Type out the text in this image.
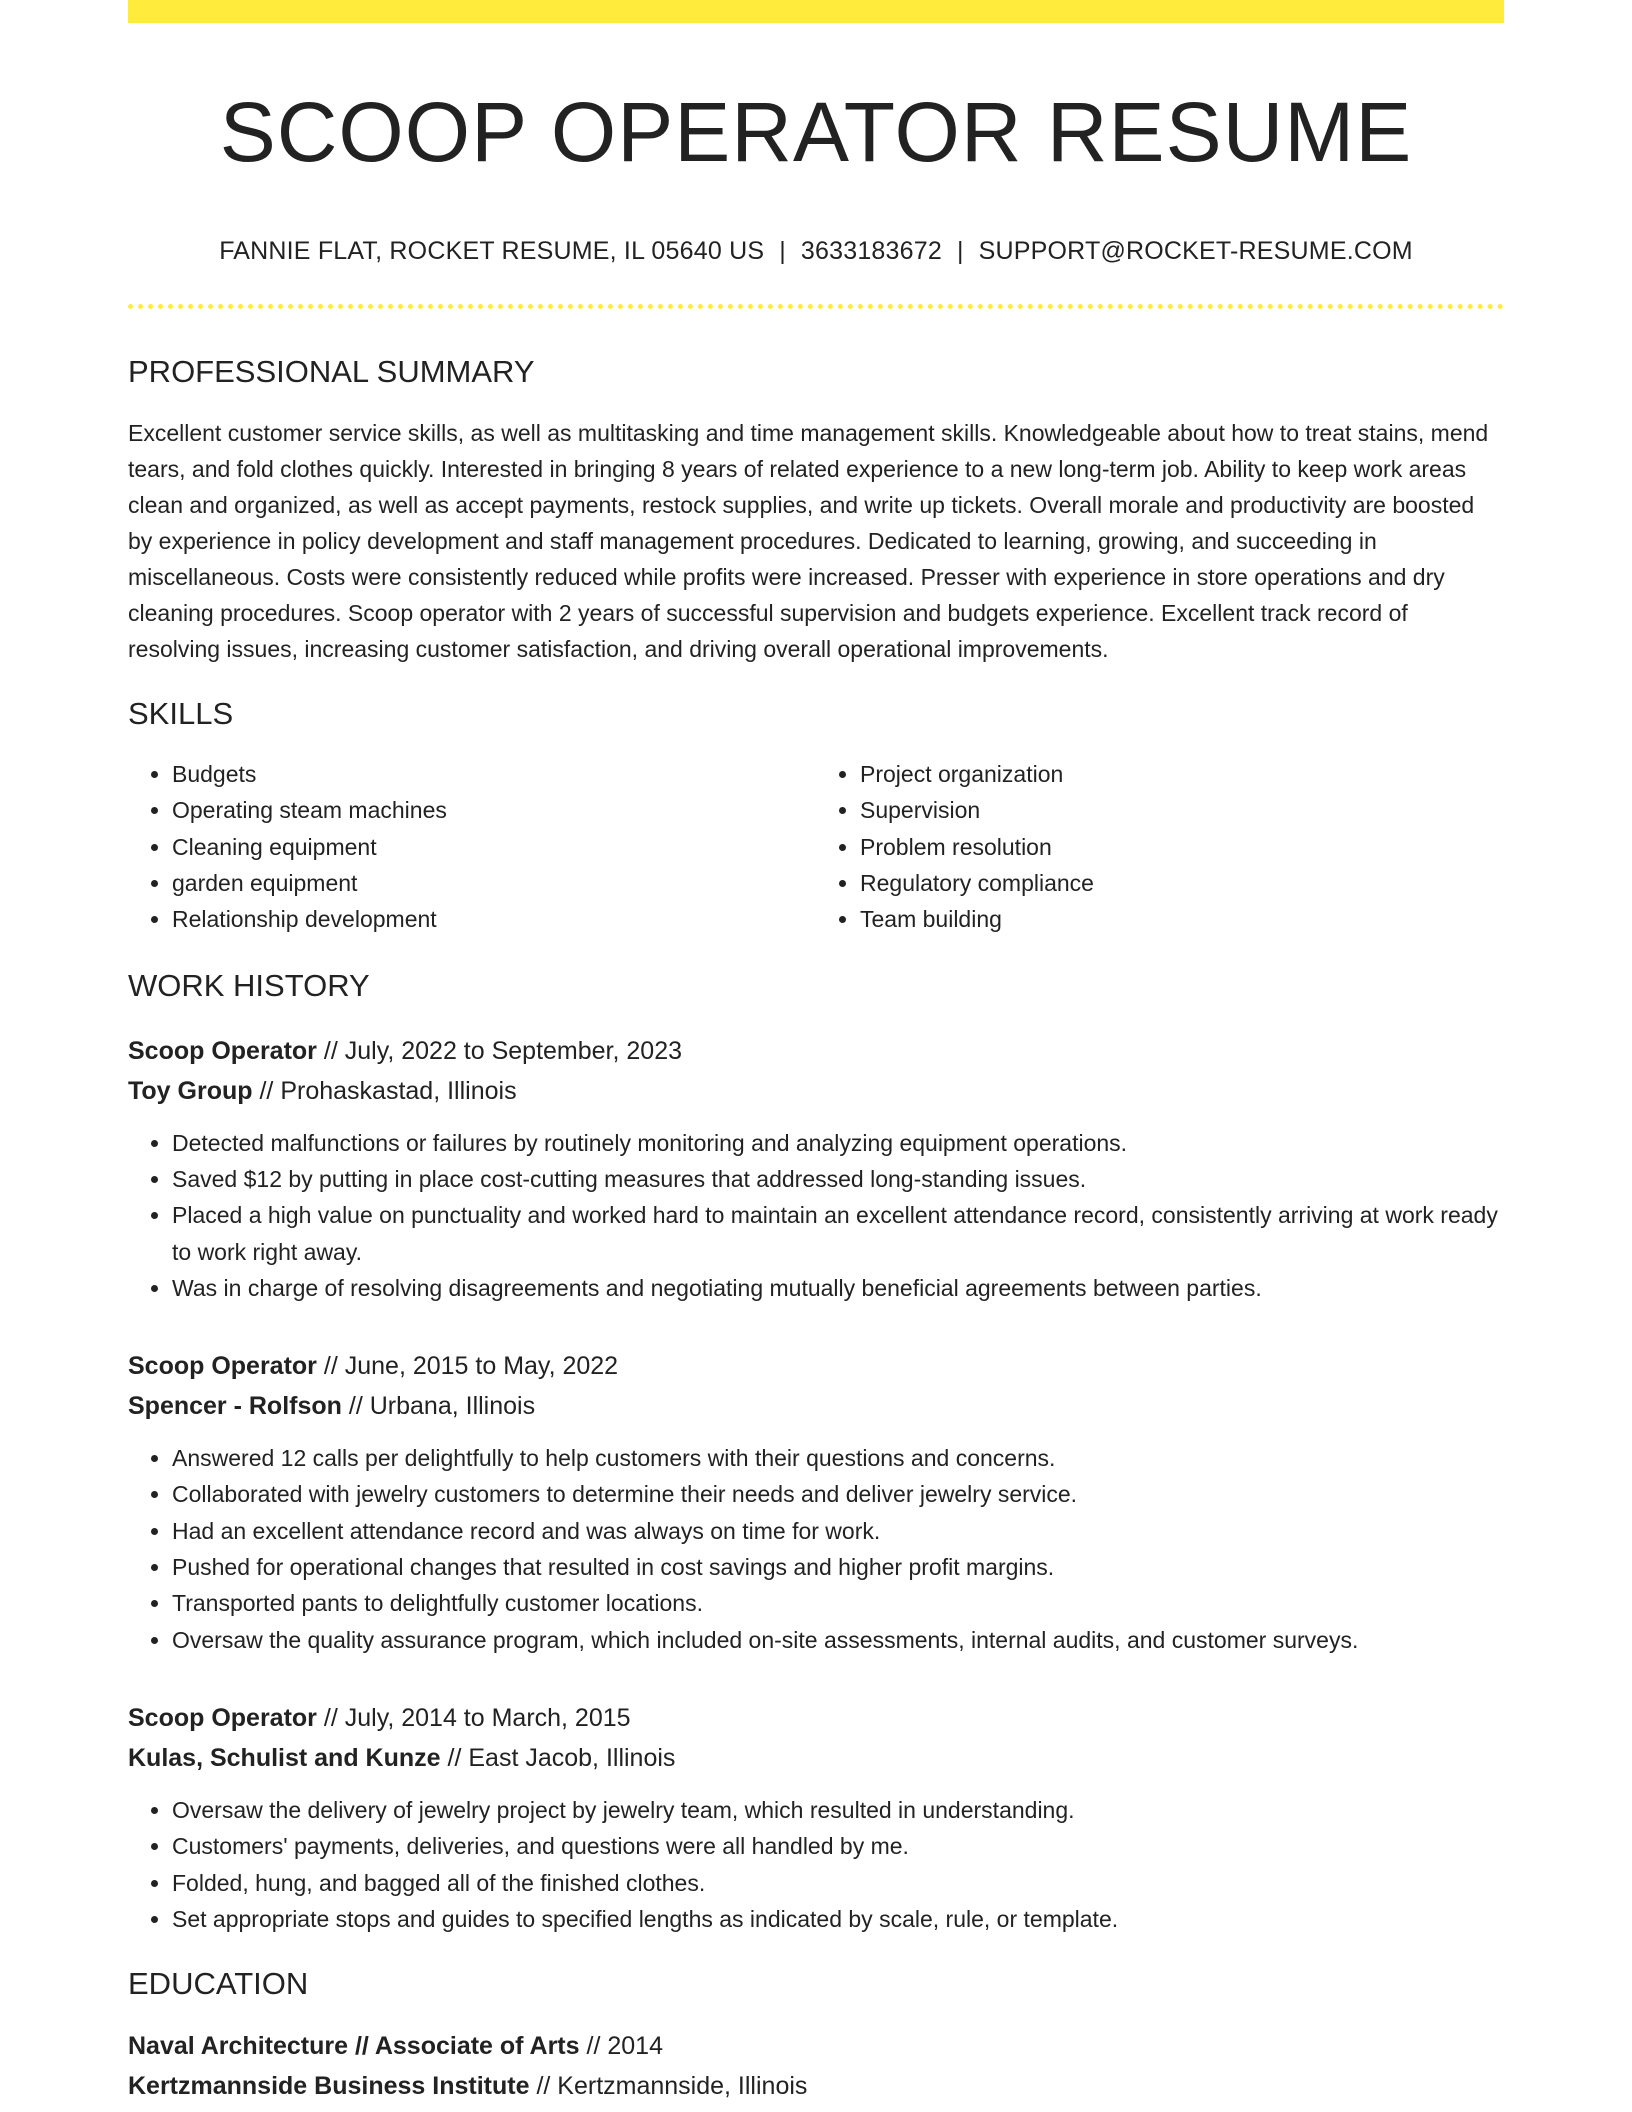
SCOOP OPERATOR RESUME
FANNIE FLAT, ROCKET RESUME, IL 05640 US | 3633183672 | SUPPORT@ROCKET-RESUME.COM
PROFESSIONAL SUMMARY

Excellent customer service skills, as well as multitasking and time management skills. Knowledgeable about how to treat stains, mend tears, and fold clothes quickly. Interested in bringing 8 years of related experience to a new long-term job. Ability to keep work areas clean and organized, as well as accept payments, restock supplies, and write up tickets. Overall morale and productivity are boosted by experience in policy development and staff management procedures. Dedicated to learning, growing, and succeeding in miscellaneous. Costs were consistently reduced while profits were increased. Presser with experience in store operations and dry cleaning procedures. Scoop operator with 2 years of successful supervision and budgets experience. Excellent track record of resolving issues, increasing customer satisfaction, and driving overall operational improvements.

SKILLS
• Budgets
• Operating steam machines
• Cleaning equipment
• garden equipment
• Relationship development
• Project organization
• Supervision
• Problem resolution
• Regulatory compliance
• Team building
WORK HISTORY
Scoop Operator // July, 2022 to September, 2023
Toy Group // Prohaskastad, Illinois
• Detected malfunctions or failures by routinely monitoring and analyzing equipment operations.
• Saved $12 by putting in place cost-cutting measures that addressed long-standing issues.
• Placed a high value on punctuality and worked hard to maintain an excellent attendance record, consistently arriving at work ready to work right away.
• Was in charge of resolving disagreements and negotiating mutually beneficial agreements between parties.
Scoop Operator // June, 2015 to May, 2022
Spencer - Rolfson // Urbana, Illinois
• Answered 12 calls per delightfully to help customers with their questions and concerns.
• Collaborated with jewelry customers to determine their needs and deliver jewelry service.
• Had an excellent attendance record and was always on time for work.
• Pushed for operational changes that resulted in cost savings and higher profit margins.
• Transported pants to delightfully customer locations.
• Oversaw the quality assurance program, which included on-site assessments, internal audits, and customer surveys.
Scoop Operator // July, 2014 to March, 2015
Kulas, Schulist and Kunze // East Jacob, Illinois
• Oversaw the delivery of jewelry project by jewelry team, which resulted in understanding.
• Customers' payments, deliveries, and questions were all handled by me.
• Folded, hung, and bagged all of the finished clothes.
• Set appropriate stops and guides to specified lengths as indicated by scale, rule, or template.
EDUCATION
Naval Architecture // Associate of Arts // 2014
Kertzmannside Business Institute // Kertzmannside, Illinois
